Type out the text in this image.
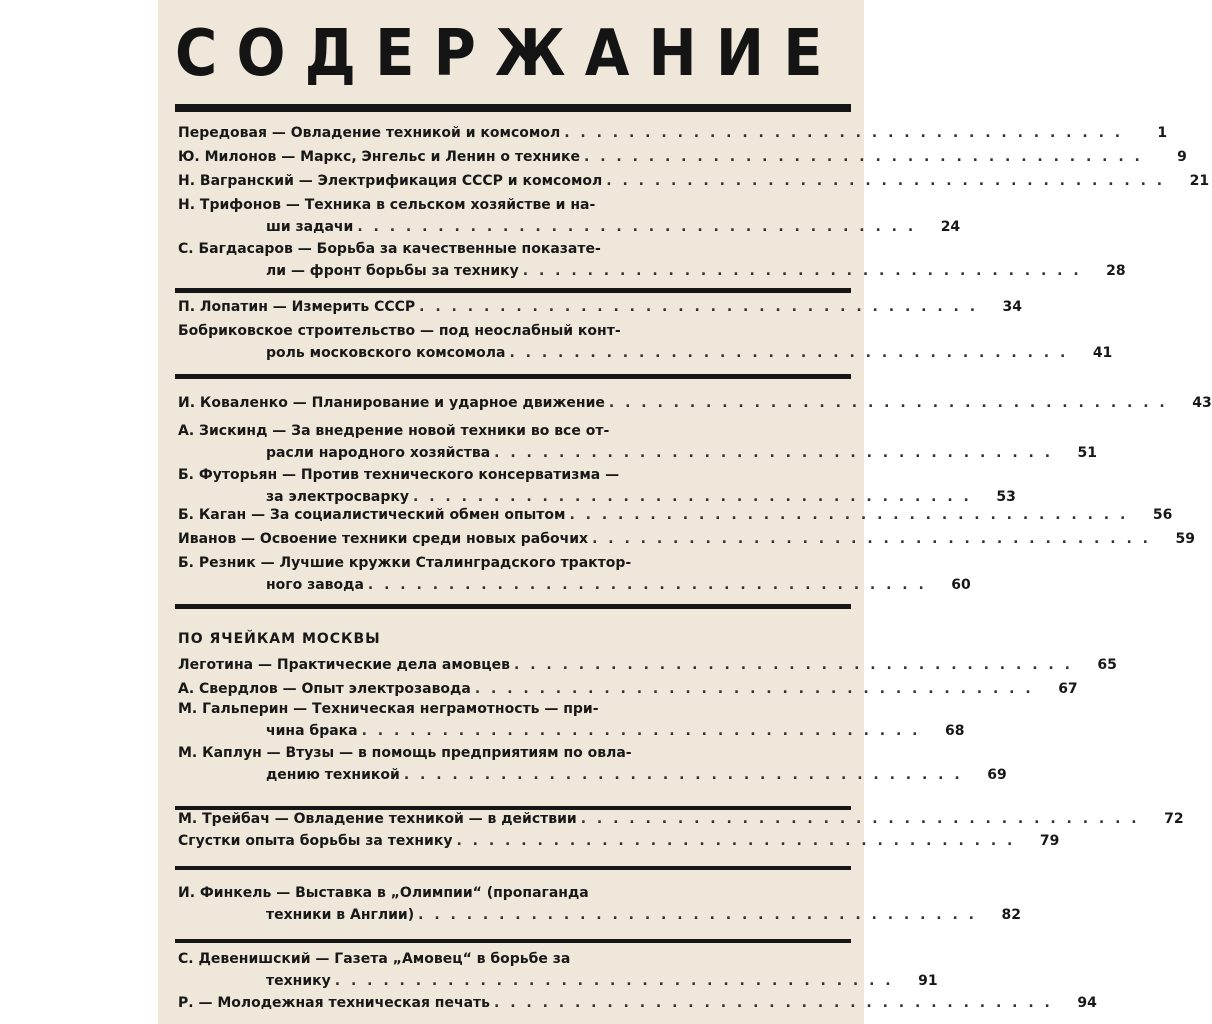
СОДЕРЖАНИЕ
ПО ЯЧЕЙКАМ МОСКВЫ
Передовая — Овладение техникой и комсомол . . . . . . . . . . . . . . . . . . . . . . . . . . . . . . . . . . .	1
Ю. Милонов — Маркс, Энгельс и Ленин о технике . . . . . . . . . . . . . . . . . . . . . . . . . . . . . . . . . . .	9
Н. Вагранский — Электрификация СССР и комсомол . . . . . . . . . . . . . . . . . . . . . . . . . . . . . . . . . . .	21
Н. Трифонов — Техника в сельском хозяйстве и на-
ши задачи . . . . . . . . . . . . . . . . . . . . . . . . . . . . . . . . . . .	24
С. Багдасаров — Борьба за качественные показате-
ли — фронт борьбы за технику . . . . . . . . . . . . . . . . . . . . . . . . . . . . . . . . . . .	28
П. Лопатин — Измерить СССР . . . . . . . . . . . . . . . . . . . . . . . . . . . . . . . . . . .	34
Бобриковское строительство — под неослабный конт-
роль московского комсомола . . . . . . . . . . . . . . . . . . . . . . . . . . . . . . . . . . .	41
И. Коваленко — Планирование и ударное движение . . . . . . . . . . . . . . . . . . . . . . . . . . . . . . . . . . .	43
А. Зискинд — За внедрение новой техники во все от-
расли народного хозяйства . . . . . . . . . . . . . . . . . . . . . . . . . . . . . . . . . . .	51
Б. Футорьян — Против технического консерватизма —
за электросварку . . . . . . . . . . . . . . . . . . . . . . . . . . . . . . . . . . .	53
Б. Каган — За социалистический обмен опытом . . . . . . . . . . . . . . . . . . . . . . . . . . . . . . . . . . .	56
Иванов — Освоение техники среди новых рабочих . . . . . . . . . . . . . . . . . . . . . . . . . . . . . . . . . . .	59
Б. Резник — Лучшие кружки Сталинградского трактор-
ного завода . . . . . . . . . . . . . . . . . . . . . . . . . . . . . . . . . . .	60
Леготина — Практические дела амовцев . . . . . . . . . . . . . . . . . . . . . . . . . . . . . . . . . . .	65
А. Свердлов — Опыт электрозавода . . . . . . . . . . . . . . . . . . . . . . . . . . . . . . . . . . .	67
М. Гальперин — Техническая неграмотность — при-
чина брака . . . . . . . . . . . . . . . . . . . . . . . . . . . . . . . . . . .	68
М. Каплун — Втузы — в помощь предприятиям по овла-
дению техникой . . . . . . . . . . . . . . . . . . . . . . . . . . . . . . . . . . .	69
М. Трейбач — Овладение техникой — в действии . . . . . . . . . . . . . . . . . . . . . . . . . . . . . . . . . . .	72
Сгустки опыта борьбы за технику . . . . . . . . . . . . . . . . . . . . . . . . . . . . . . . . . . .	79
И. Финкель — Выставка в „Олимпии“ (пропаганда
техники в Англии) . . . . . . . . . . . . . . . . . . . . . . . . . . . . . . . . . . .	82
С. Девенишский — Газета „Амовец“ в борьбе за
технику . . . . . . . . . . . . . . . . . . . . . . . . . . . . . . . . . . .	91
Р. — Молодежная техническая печать . . . . . . . . . . . . . . . . . . . . . . . . . . . . . . . . . . .	94
